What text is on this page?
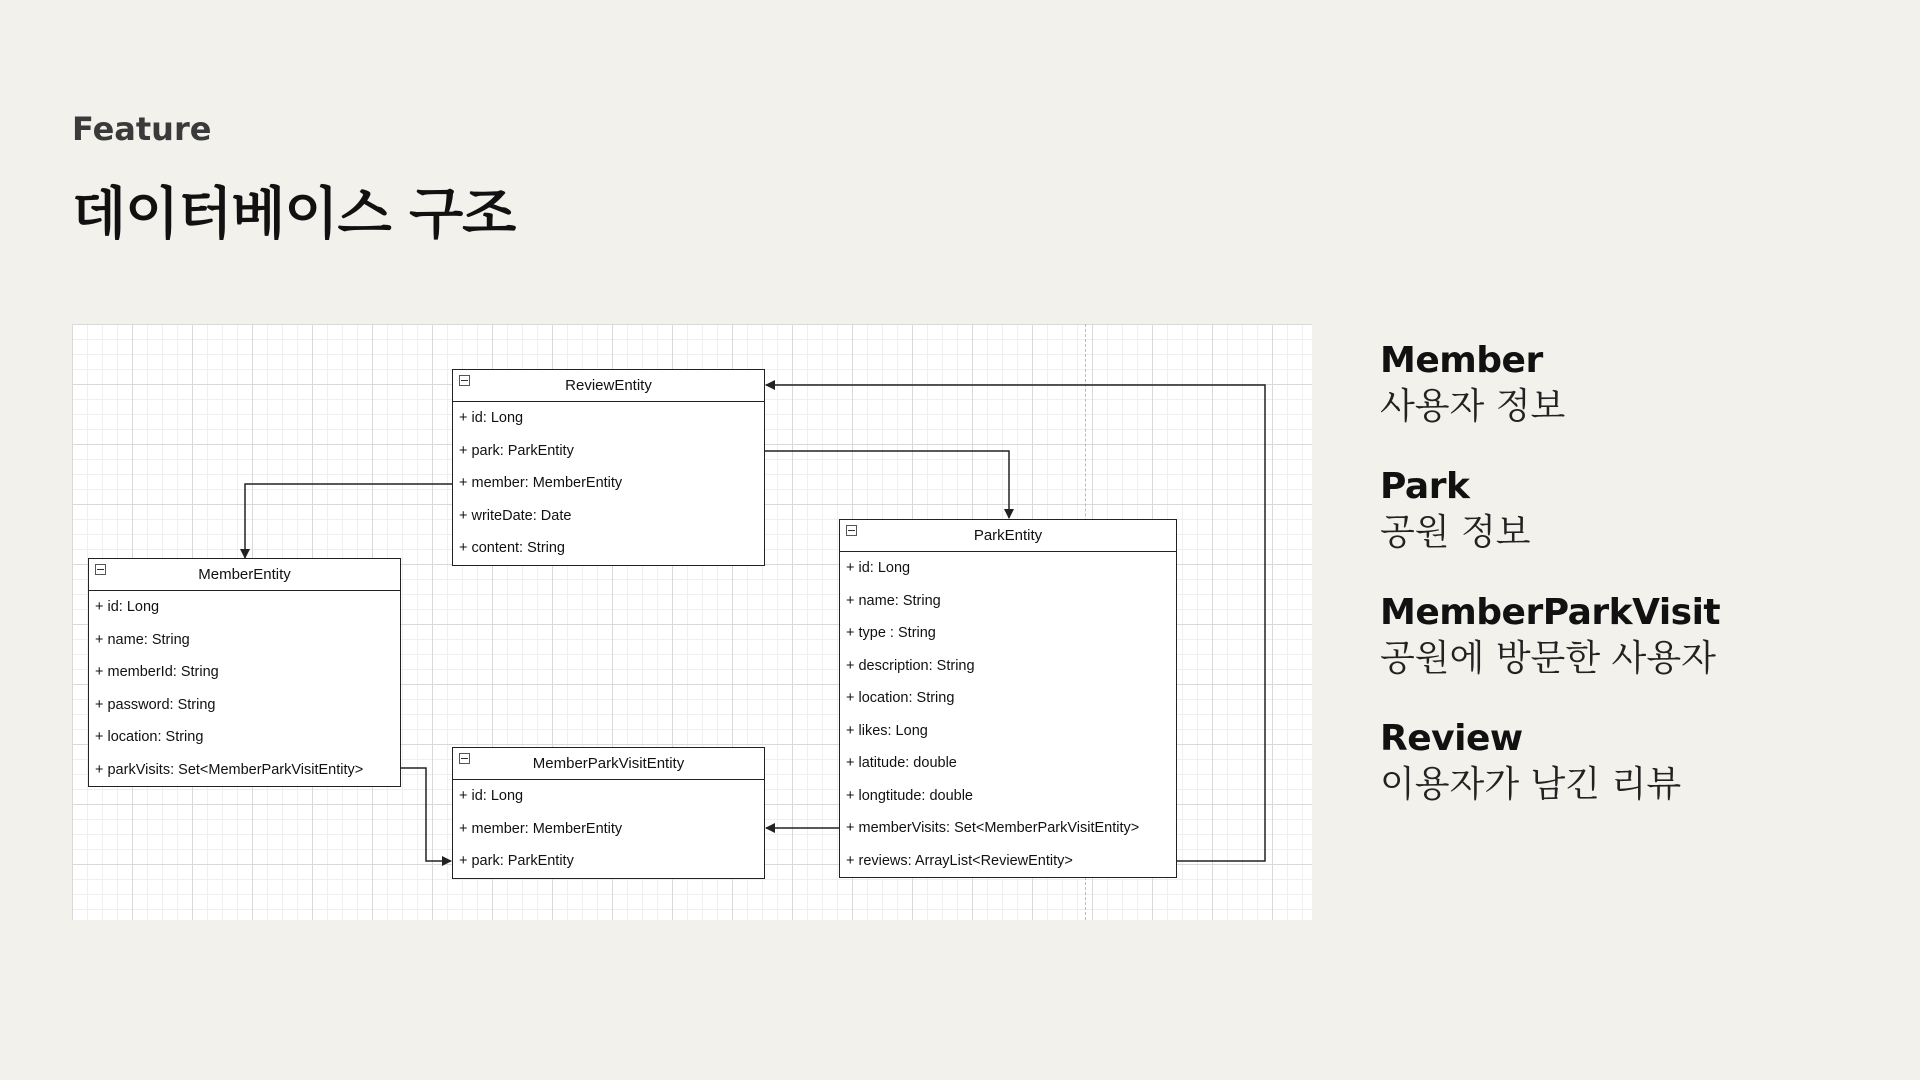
Feature
데이터베이스 구조
ReviewEntity
+ id: Long
+ park: ParkEntity
+ member: MemberEntity
+ writeDate: Date
+ content: String
MemberEntity
+ id: Long
+ name: String
+ memberId: String
+ password: String
+ location: String
+ parkVisits: Set<MemberParkVisitEntity>
ParkEntity
+ id: Long
+ name: String
+ type : String
+ description: String
+ location: String
+ likes: Long
+ latitude: double
+ longtitude: double
+ memberVisits: Set<MemberParkVisitEntity>
+ reviews: ArrayList<ReviewEntity>
MemberParkVisitEntity
+ id: Long
+ member: MemberEntity
+ park: ParkEntity
Member
사용자 정보
Park
공원 정보
MemberParkVisit
공원에 방문한 사용자
Review
이용자가 남긴 리뷰
